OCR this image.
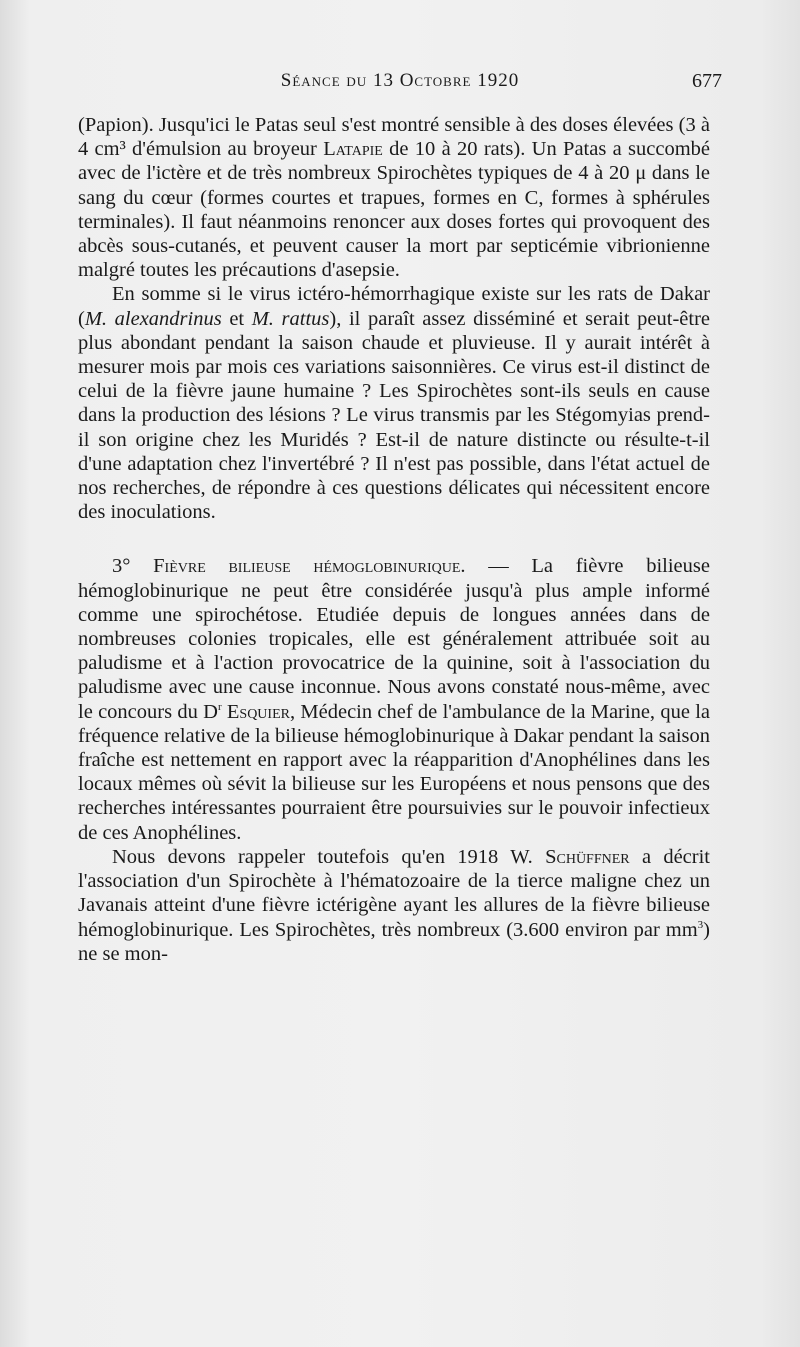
Séance du 13 Octobre 1920	677

(Papion). Jusqu'ici le Patas seul s'est montré sensible à des doses élevées (3 à 4 cm³ d'émulsion au broyeur Latapie de 10 à 20 rats). Un Patas a succombé avec de l'ictère et de très nombreux Spirochètes typiques de 4 à 20 μ dans le sang du cœur (formes courtes et trapues, formes en C, formes à sphérules terminales). Il faut néanmoins renoncer aux doses fortes qui provoquent des abcès sous-cutanés, et peuvent causer la mort par septicémie vibrionienne malgré toutes les précautions d'asepsie.

En somme si le virus ictéro-hémorrhagique existe sur les rats de Dakar (M. alexandrinus et M. rattus), il paraît assez disséminé et serait peut-être plus abondant pendant la saison chaude et pluvieuse. Il y aurait intérêt à mesurer mois par mois ces variations saisonnières. Ce virus est-il distinct de celui de la fièvre jaune humaine ? Les Spirochètes sont-ils seuls en cause dans la production des lésions ? Le virus transmis par les Stégomyias prend-il son origine chez les Muridés ? Est-il de nature distincte ou résulte-t-il d'une adaptation chez l'invertébré ? Il n'est pas possible, dans l'état actuel de nos recherches, de répondre à ces questions délicates qui nécessitent encore des inoculations.

3° Fièvre bilieuse hémoglobinurique. — La fièvre bilieuse hémoglobinurique ne peut être considérée jusqu'à plus ample informé comme une spirochétose. Etudiée depuis de longues années dans de nombreuses colonies tropicales, elle est généralement attribuée soit au paludisme et à l'action provocatrice de la quinine, soit à l'association du paludisme avec une cause inconnue. Nous avons constaté nous-même, avec le concours du $D^r$ Esquier, Médecin chef de l'ambulance de la Marine, que la fréquence relative de la bilieuse hémoglobinurique à Dakar pendant la saison fraîche est nettement en rapport avec la réapparition d'Anophélines dans les locaux mêmes où sévit la bilieuse sur les Européens et nous pensons que des recherches intéressantes pourraient être poursuivies sur le pouvoir infectieux de ces Anophélines.

Nous devons rappeler toutefois qu'en 1918 W. Schüffner a décrit l'association d'un Spirochète à l'hématozoaire de la tierce maligne chez un Javanais atteint d'une fièvre ictérigène ayant les allures de la fièvre bilieuse hémoglobinurique. Les Spirochètes, très nombreux (3.600 environ par $mm^3$) ne se mon-
